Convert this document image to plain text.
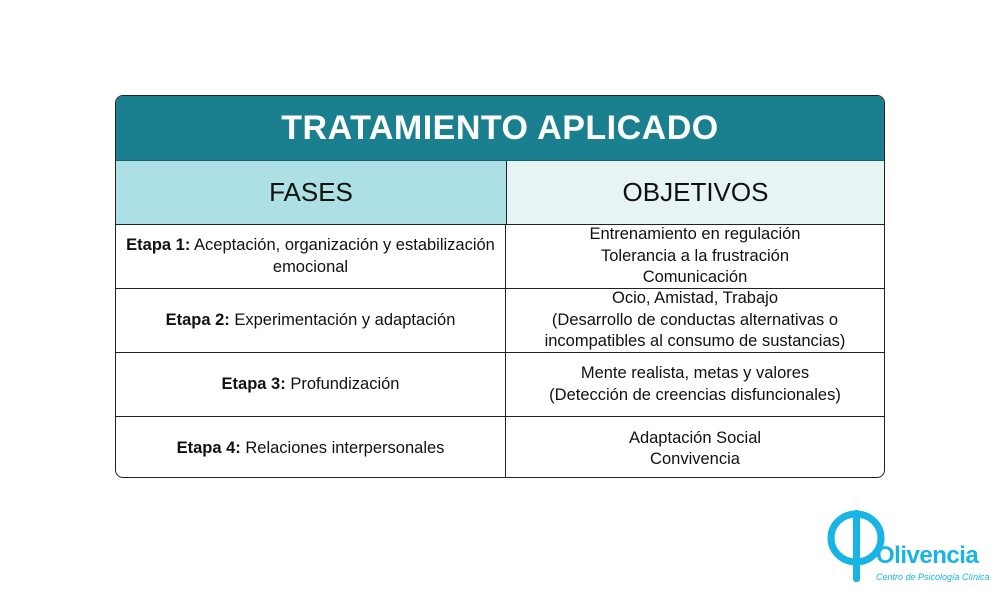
TRATAMIENTO APLICADO
FASES	OBJETIVOS
Etapa 1: Aceptación, organización y estabilización emocional
Entrenamiento en regulación
Tolerancia a la frustración
Comunicación
Etapa 2: Experimentación y adaptación
Ocio, Amistad, Trabajo
(Desarrollo de conductas alternativas o
incompatibles al consumo de sustancias)
Etapa 3: Profundización
Mente realista, metas y valores
(Detección de creencias disfuncionales)
Etapa 4: Relaciones interpersonales
Adaptación Social
Convivencia
Olivencia
Centro de Psicología Clínica
